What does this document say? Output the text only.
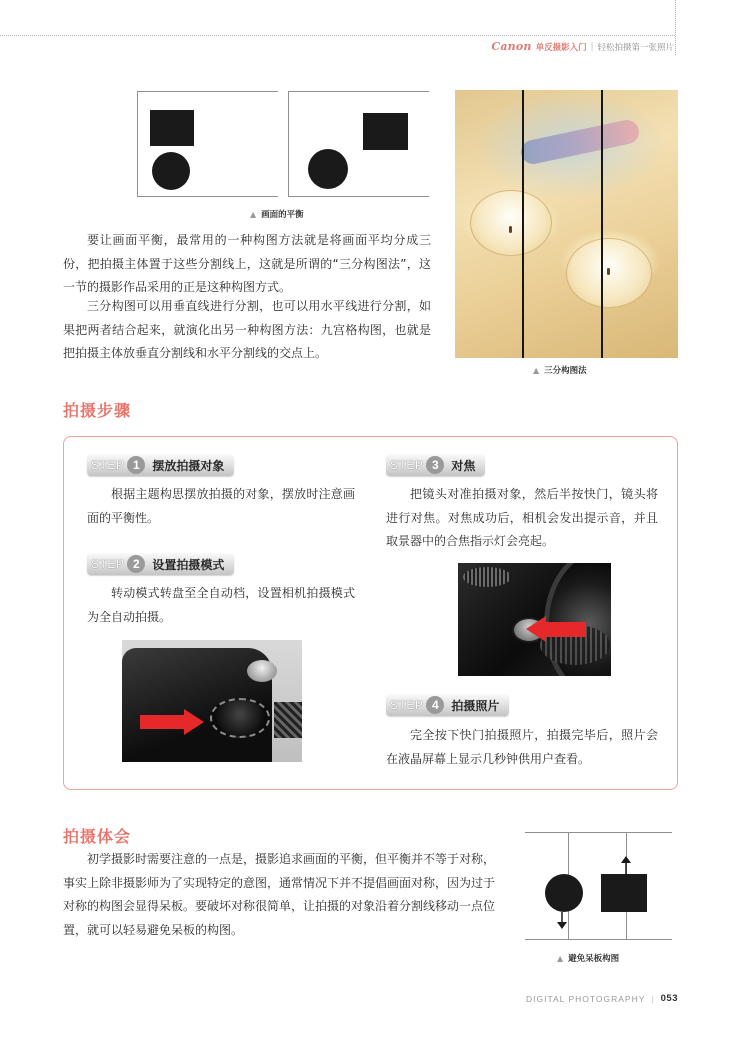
Canon 单反摄影入门 | 轻松拍摄第一张照片
▲ 画面的平衡

要让画面平衡，最常用的一种构图方法就是将画面平均分成三份，把拍摄主体置于这些分割线上，这就是所谓的“三分构图法”，这一节的摄影作品采用的正是这种构图方式。

三分构图可以用垂直线进行分割，也可以用水平线进行分割，如果把两者结合起来，就演化出另一种构图方法：九宫格构图，也就是把拍摄主体放垂直分割线和水平分割线的交点上。

▲ 三分构图法
拍摄步骤
STEP 1	摆放拍摄对象

根据主题构思摆放拍摄的对象，摆放时注意画面的平衡性。

STEP 2	设置拍摄模式

转动模式转盘至全自动档，设置相机拍摄模式为全自动拍摄。

STEP 3	对焦

把镜头对准拍摄对象，然后半按快门，镜头将进行对焦。对焦成功后，相机会发出提示音，并且取景器中的合焦指示灯会亮起。

STEP 4	拍摄照片

完全按下快门拍摄照片，拍摄完毕后，照片会在液晶屏幕上显示几秒钟供用户查看。

拍摄体会

初学摄影时需要注意的一点是，摄影追求画面的平衡，但平衡并不等于对称，事实上除非摄影师为了实现特定的意图，通常情况下并不提倡画面对称，因为过于对称的构图会显得呆板。要破坏对称很简单，让拍摄的对象沿着分割线移动一点位置，就可以轻易避免呆板的构图。

▲ 避免呆板构图
DIGITAL PHOTOGRAPHY | 053
